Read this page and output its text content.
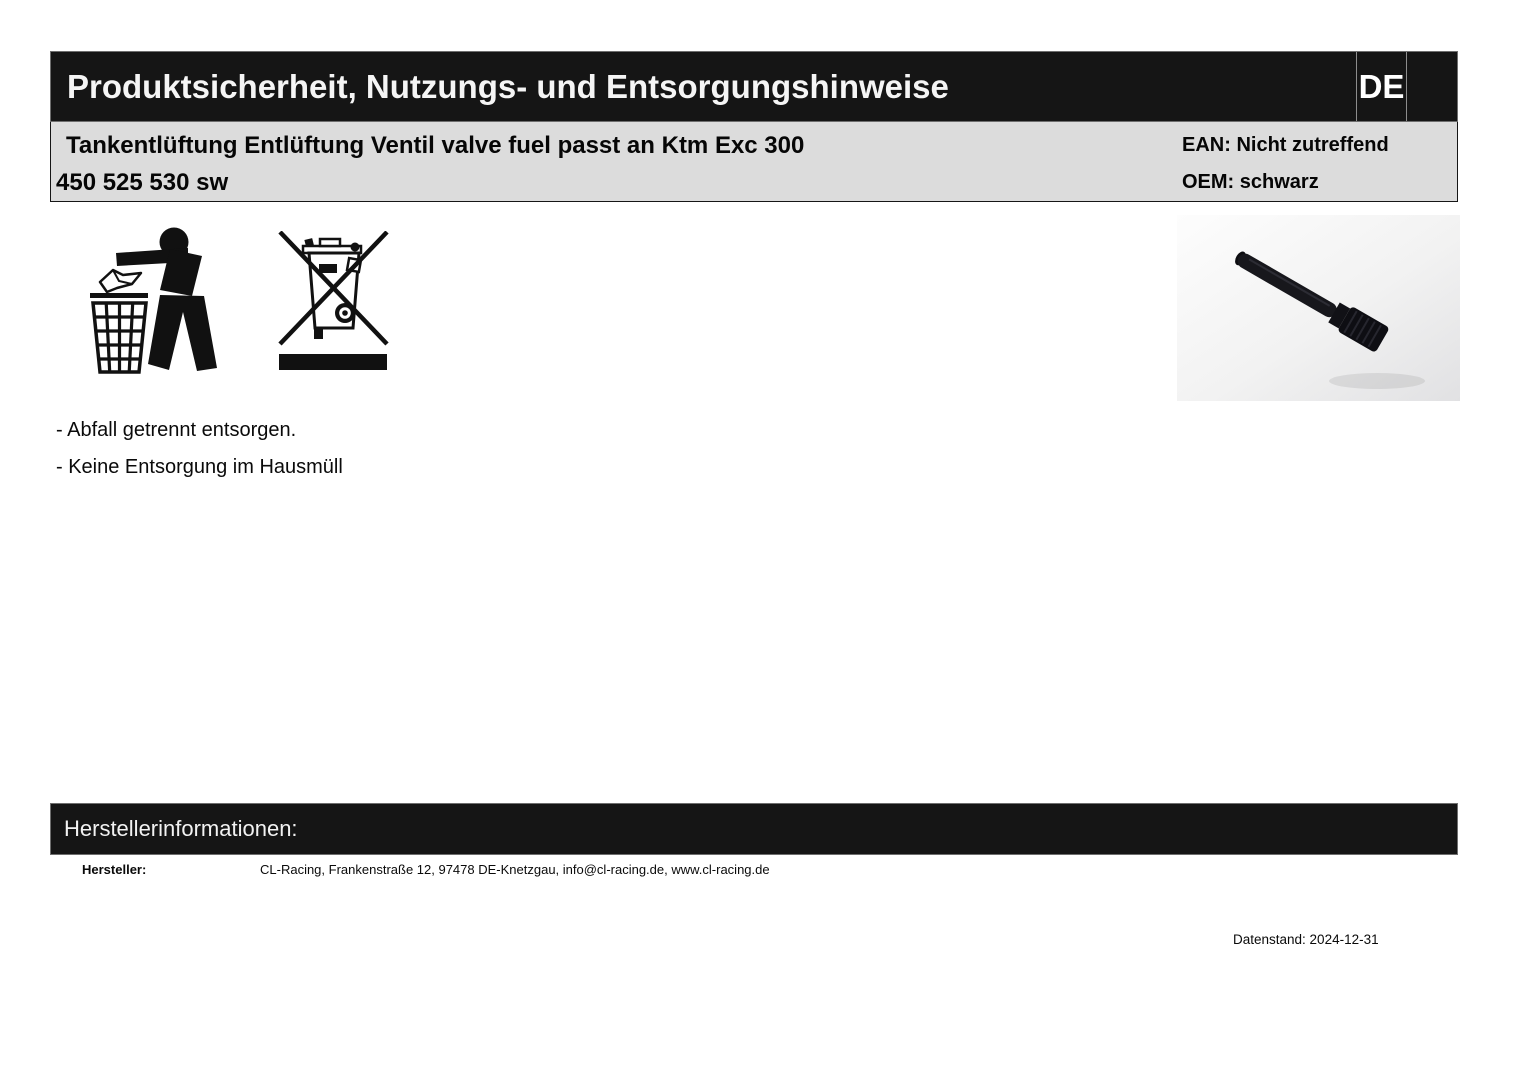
Produktsicherheit, Nutzungs- und Entsorgungshinweise	DE
Tankentlüftung Entlüftung Ventil valve fuel passt an Ktm Exc 300
450 525 530 sw
EAN: Nicht zutreffend
OEM: schwarz
- Abfall getrennt entsorgen.
- Keine Entsorgung im Hausmüll
Herstellerinformationen:
Hersteller:	CL-Racing, Frankenstraße 12, 97478 DE-Knetzgau, info@cl-racing.de, www.cl-racing.de
Datenstand: 2024-12-31
